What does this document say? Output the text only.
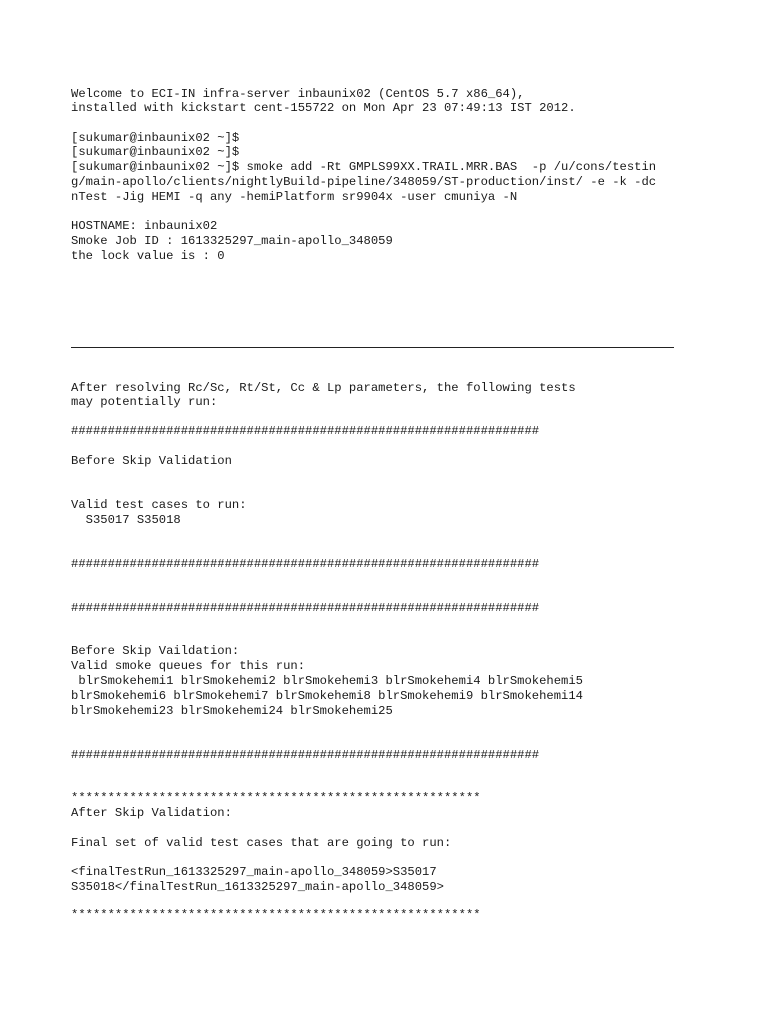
Welcome to ECI-IN infra-server inbaunix02 (CentOS 5.7 x86_64),
installed with kickstart cent-155722 on Mon Apr 23 07:49:13 IST 2012.
[sukumar@inbaunix02 ~]$
[sukumar@inbaunix02 ~]$
[sukumar@inbaunix02 ~]$ smoke add -Rt GMPLS99XX.TRAIL.MRR.BAS  -p /u/cons/testin
g/main-apollo/clients/nightlyBuild-pipeline/348059/ST-production/inst/ -e -k -dc
nTest -Jig HEMI -q any -hemiPlatform sr9904x -user cmuniya -N
HOSTNAME: inbaunix02
Smoke Job ID : 1613325297_main-apollo_348059
the lock value is : 0
After resolving Rc/Sc, Rt/St, Cc & Lp parameters, the following tests
may potentially run:
################################################################
Before Skip Validation
Valid test cases to run:
S35017 S35018
################################################################
################################################################
Before Skip Vaildation:
Valid smoke queues for this run:
blrSmokehemi1 blrSmokehemi2 blrSmokehemi3 blrSmokehemi4 blrSmokehemi5
blrSmokehemi6 blrSmokehemi7 blrSmokehemi8 blrSmokehemi9 blrSmokehemi14
blrSmokehemi23 blrSmokehemi24 blrSmokehemi25
################################################################
********************************************************
After Skip Validation:
Final set of valid test cases that are going to run:
<finalTestRun_1613325297_main-apollo_348059>S35017
S35018</finalTestRun_1613325297_main-apollo_348059>
********************************************************
